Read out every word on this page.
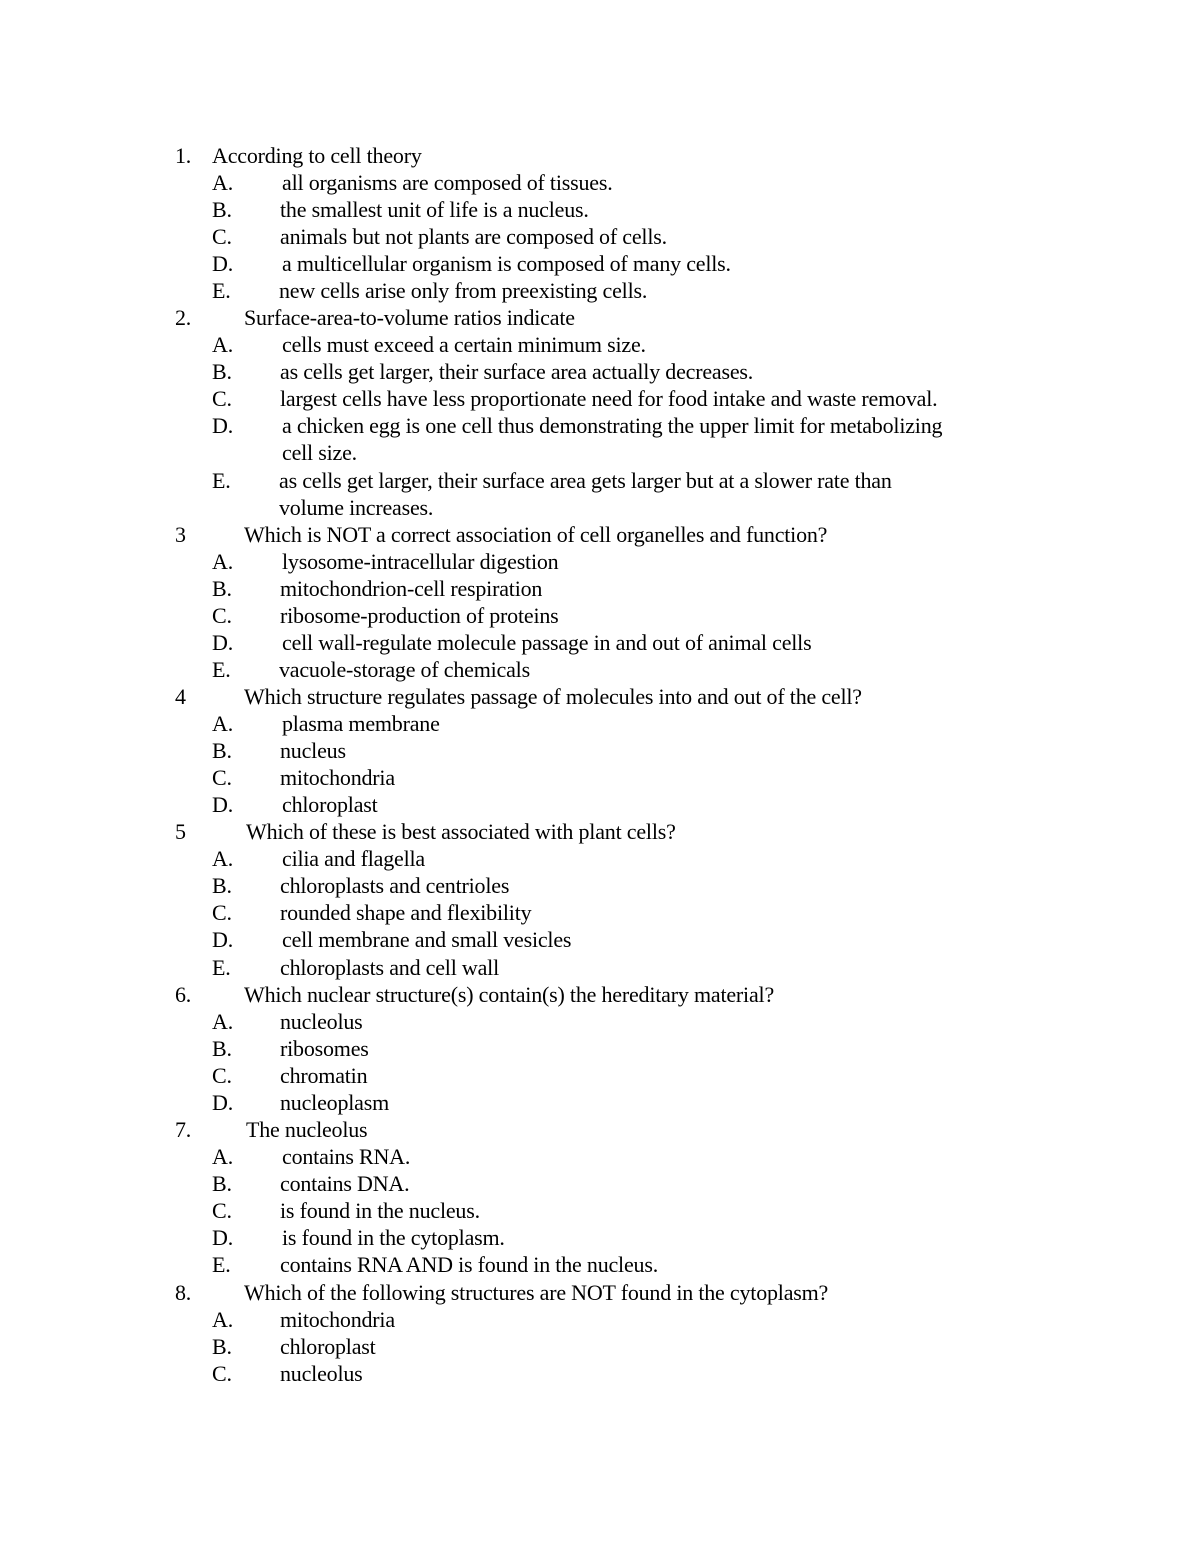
1. According to cell theory
A. all organisms are composed of tissues.
B. the smallest unit of life is a nucleus.
C. animals but not plants are composed of cells.
D. a multicellular organism is composed of many cells.
E. new cells arise only from preexisting cells.
2. Surface-area-to-volume ratios indicate
A. cells must exceed a certain minimum size.
B. as cells get larger, their surface area actually decreases.
C. largest cells have less proportionate need for food intake and waste removal.
D. a chicken egg is one cell thus demonstrating the upper limit for metabolizing
cell size.
E. as cells get larger, their surface area gets larger but at a slower rate than
volume increases.
3	Which is NOT a correct association of cell organelles and function?
A. lysosome-intracellular digestion
B. mitochondrion-cell respiration
C. ribosome-production of proteins
D. cell wall-regulate molecule passage in and out of animal cells
E. vacuole-storage of chemicals
4	Which structure regulates passage of molecules into and out of the cell?
A. plasma membrane
B. nucleus
C. mitochondria
D. chloroplast
5	Which of these is best associated with plant cells?
A. cilia and flagella
B. chloroplasts and centrioles
C. rounded shape and flexibility
D. cell membrane and small vesicles
E. chloroplasts and cell wall
6. Which nuclear structure(s) contain(s) the hereditary material?
A. nucleolus
B. ribosomes
C. chromatin
D. nucleoplasm
7. The nucleolus
A. contains RNA.
B. contains DNA.
C. is found in the nucleus.
D. is found in the cytoplasm.
E. contains RNA AND is found in the nucleus.
8. Which of the following structures are NOT found in the cytoplasm?
A. mitochondria
B. chloroplast
C. nucleolus
